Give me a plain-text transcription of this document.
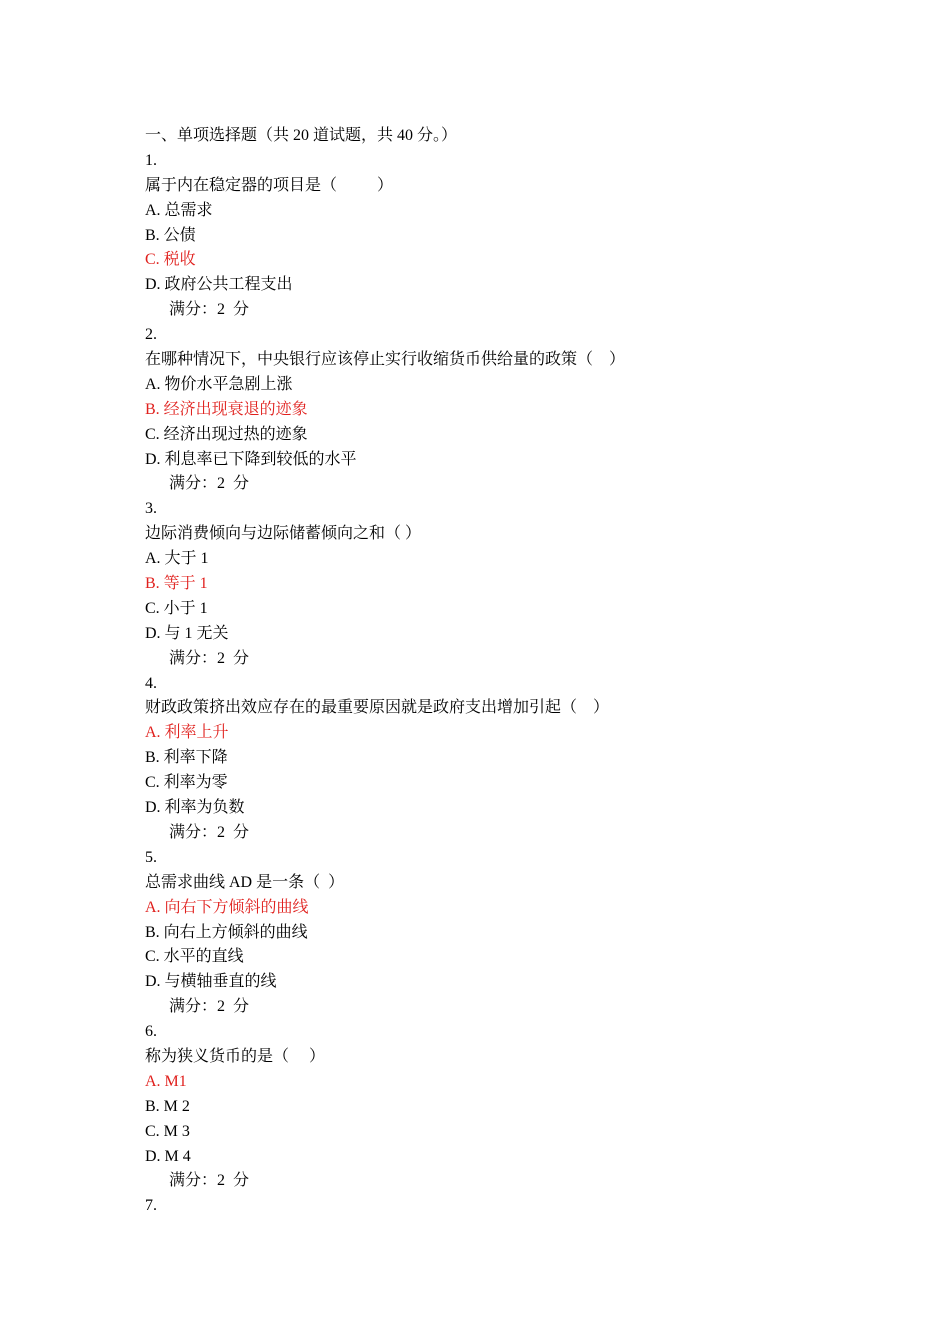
一、单项选择题（共 20 道试题，共 40 分。）
1.
属于内在稳定器的项目是（          ）
A. 总需求
B. 公债
C. 税收
D. 政府公共工程支出
满分：2  分
2.
在哪种情况下，中央银行应该停止实行收缩货币供给量的政策（    ）
A. 物价水平急剧上涨
B. 经济出现衰退的迹象
C. 经济出现过热的迹象
D. 利息率已下降到较低的水平
满分：2  分
3.
边际消费倾向与边际储蓄倾向之和（ ）
A. 大于 1
B. 等于 1
C. 小于 1
D. 与 1 无关
满分：2  分
4.
财政政策挤出效应存在的最重要原因就是政府支出增加引起（    ）
A. 利率上升
B. 利率下降
C. 利率为零
D. 利率为负数
满分：2  分
5.
总需求曲线 AD 是一条（  ）
A. 向右下方倾斜的曲线
B. 向右上方倾斜的曲线
C. 水平的直线
D. 与横轴垂直的线
满分：2  分
6.
称为狭义货币的是（     ）
A. M1
B. M 2
C. M 3
D. M 4
满分：2  分
7.
